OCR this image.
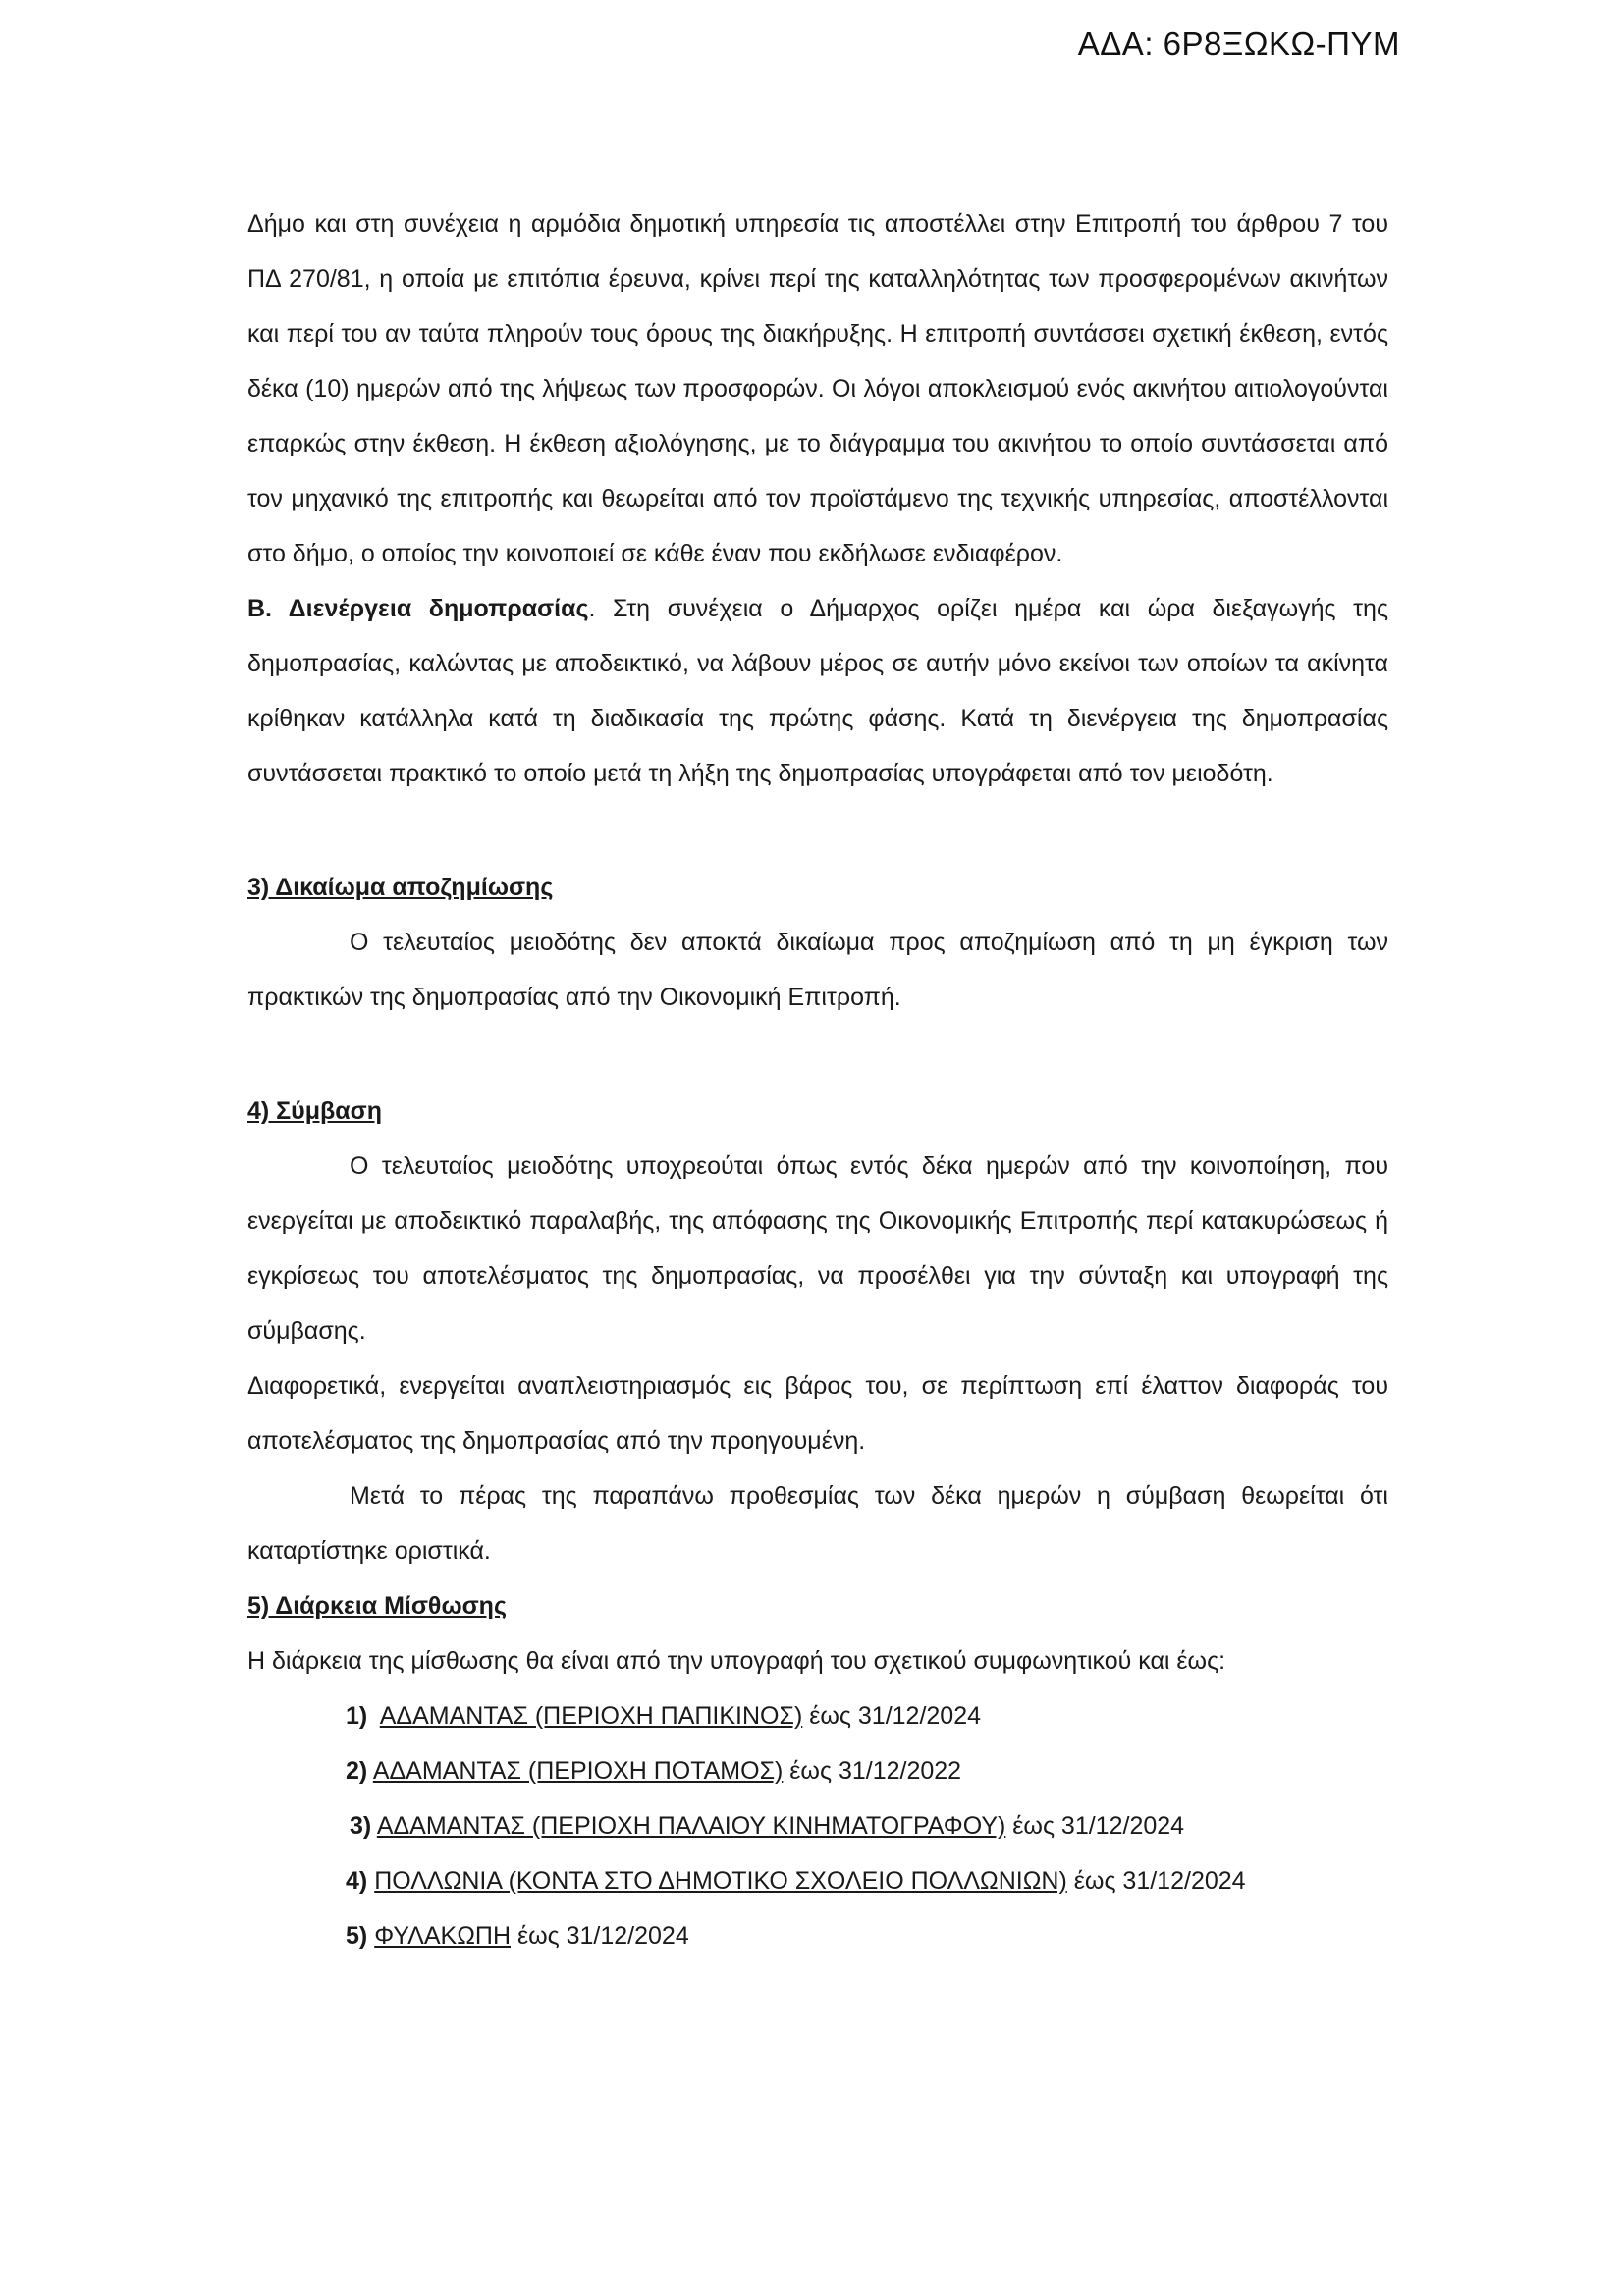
ΑΔΑ: 6Ρ8ΞΩΚΩ-ΠΥΜ

Δήμο και στη συνέχεια η αρμόδια δημοτική υπηρεσία τις αποστέλλει στην Επιτροπή του άρθρου 7 του ΠΔ 270/81, η οποία με επιτόπια έρευνα, κρίνει περί της καταλληλότητας των προσφερομένων ακινήτων και περί του αν ταύτα πληρούν τους όρους της διακήρυξης. Η επιτροπή συντάσσει σχετική έκθεση, εντός δέκα (10) ημερών από της λήψεως των προσφορών. Οι λόγοι αποκλεισμού ενός ακινήτου αιτιολογούνται επαρκώς στην έκθεση. Η έκθεση αξιολόγησης, με το διάγραμμα του ακινήτου το οποίο συντάσσεται από τον μηχανικό της επιτροπής και θεωρείται από τον προϊστάμενο της τεχνικής υπηρεσίας, αποστέλλονται στο δήμο, ο οποίος την κοινοποιεί σε κάθε έναν που εκδήλωσε ενδιαφέρον.

Β. Διενέργεια δημοπρασίας. Στη συνέχεια ο Δήμαρχος ορίζει ημέρα και ώρα διεξαγωγής της δημοπρασίας, καλώντας με αποδεικτικό, να λάβουν μέρος σε αυτήν μόνο εκείνοι των οποίων τα ακίνητα κρίθηκαν κατάλληλα κατά τη διαδικασία της πρώτης φάσης. Κατά τη διενέργεια της δημοπρασίας συντάσσεται πρακτικό το οποίο μετά τη λήξη της δημοπρασίας υπογράφεται από τον μειοδότη.

3) Δικαίωμα αποζημίωσης

Ο τελευταίος μειοδότης δεν αποκτά δικαίωμα προς αποζημίωση από τη μη έγκριση των πρακτικών της δημοπρασίας από την Οικονομική Επιτροπή.

4) Σύμβαση

Ο τελευταίος μειοδότης υποχρεούται όπως εντός δέκα ημερών από την κοινοποίηση, που ενεργείται με αποδεικτικό παραλαβής, της απόφασης της Οικονομικής Επιτροπής περί κατακυρώσεως ή εγκρίσεως του αποτελέσματος της δημοπρασίας, να προσέλθει για την σύνταξη και υπογραφή της σύμβασης.

Διαφορετικά, ενεργείται αναπλειστηριασμός εις βάρος του, σε περίπτωση επί έλαττον διαφοράς του αποτελέσματος της δημοπρασίας από την προηγουμένη.

Μετά το πέρας της παραπάνω προθεσμίας των δέκα ημερών η σύμβαση θεωρείται ότι καταρτίστηκε οριστικά.

5) Διάρκεια Μίσθωσης

Η διάρκεια της μίσθωσης θα είναι από την υπογραφή του σχετικού συμφωνητικού και έως:

1) ΑΔΑΜΑΝΤΑΣ (ΠΕΡΙΟΧΗ ΠΑΠΙΚΙΝΟΣ) έως 31/12/2024
2) ΑΔΑΜΑΝΤΑΣ (ΠΕΡΙΟΧΗ ΠΟΤΑΜΟΣ) έως 31/12/2022
3) ΑΔΑΜΑΝΤΑΣ (ΠΕΡΙΟΧΗ ΠΑΛΑΙΟΥ ΚΙΝΗΜΑΤΟΓΡΑΦΟΥ) έως 31/12/2024
4) ΠΟΛΛΩΝΙΑ (ΚΟΝΤΑ ΣΤΟ ΔΗΜΟΤΙΚΟ ΣΧΟΛΕΙΟ ΠΟΛΛΩΝΙΩΝ) έως 31/12/2024
5) ΦΥΛΑΚΩΠΗ έως 31/12/2024
